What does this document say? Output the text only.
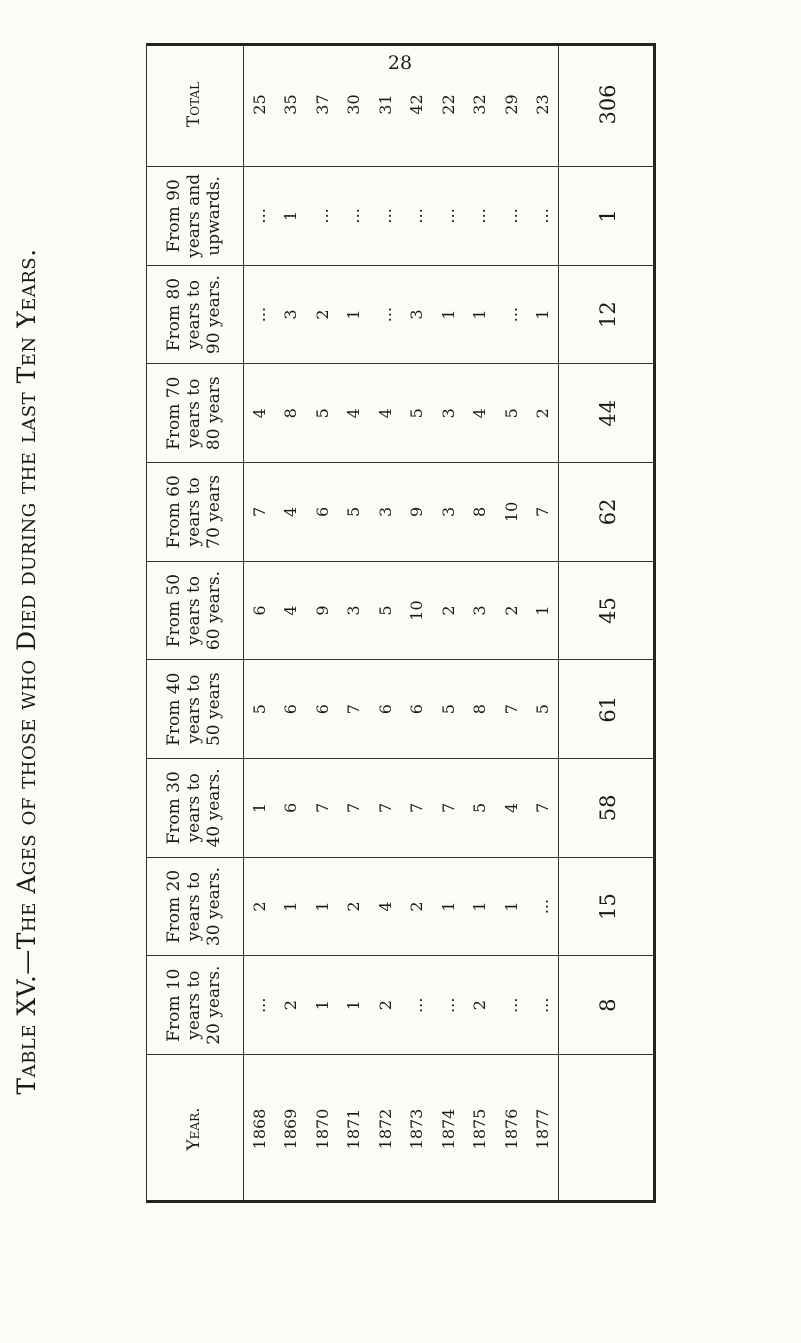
28
Table XV.—The Ages of those who Died during the last Ten Years.
Year.	From 10 years to 20 years.	From 20 years to 30 years.	From 30 years to 40 years.	From 40 years to 50 years	From 50 years to 60 years.	From 60 years to 70 years	From 70 years to 80 years	From 80 years to 90 years.	From 90 years and upwards.	Total
1868	...	2	1	5	6	7	4	...	...	25
1869	2	1	6	6	4	4	8	3	1	35
1870	1	1	7	6	9	6	5	2	...	37
1871	1	2	7	7	3	5	4	1	...	30
1872	2	4	7	6	5	3	4	...	...	31
1873	...	2	7	6	10	9	5	3	...	42
1874	...	1	7	5	2	3	3	1	...	22
1875	2	1	5	8	3	8	4	1	...	32
1876	...	1	4	7	2	10	5	...	...	29
1877	...	...	7	5	1	7	2	1	...	23
	8	15	58	61	45	62	44	12	1	306
